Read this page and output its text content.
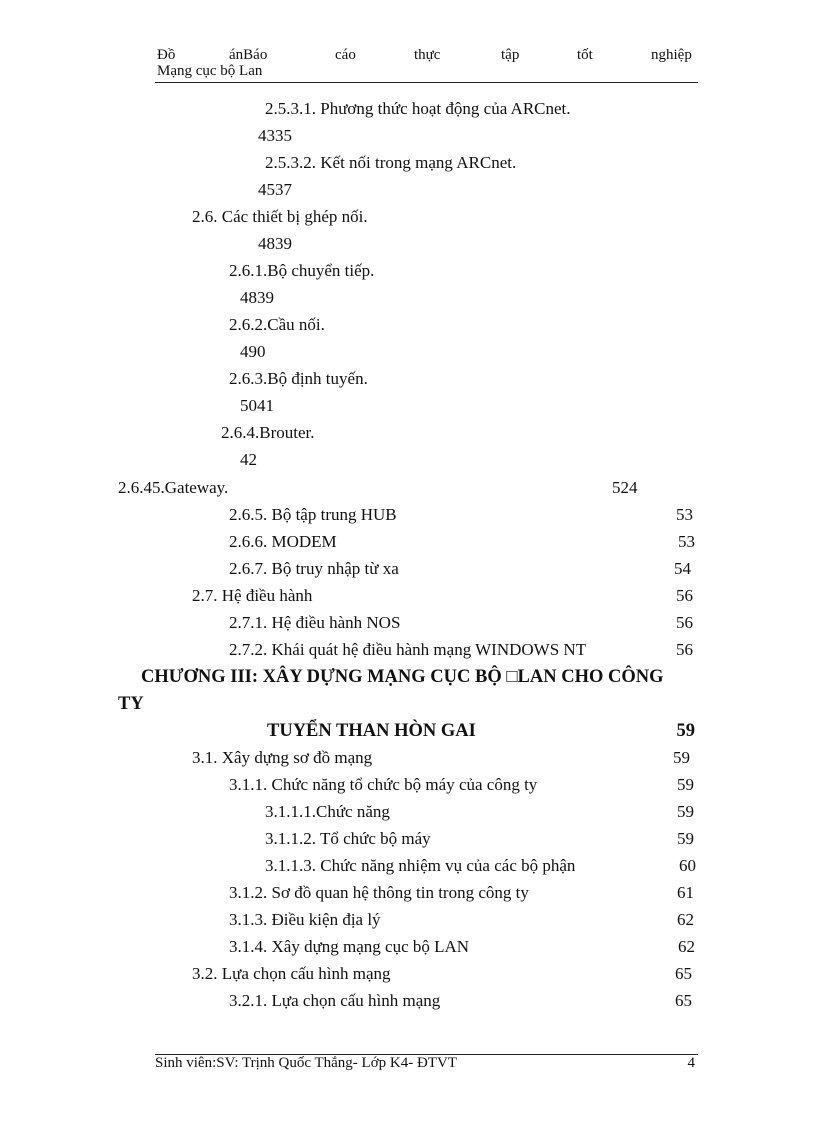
Đồ	ánBáo	cáo	thực	tập	tốt	nghiệp
Mạng cục bộ Lan
2.5.3.1. Phương thức hoạt động của ARCnet.
4335
2.5.3.2. Kết nối trong mạng ARCnet.
4537
2.6. Các thiết bị ghép nối.
4839
2.6.1.Bộ chuyển tiếp.
4839
2.6.2.Cầu nối.
490
2.6.3.Bộ định tuyến.
5041
2.6.4.Brouter.
42
2.6.45.Gateway.	524
2.6.5. Bộ tập trung HUB	53
2.6.6. MODEM	53
2.6.7. Bộ truy nhập từ xa	54
2.7. Hệ điều hành	56
2.7.1. Hệ điều hành NOS	56
2.7.2. Khái quát hệ điều hành mạng WINDOWS NT	56
CHƯƠNG III: XÂY DỰNG MẠNG CỤC BỘ □LAN CHO CÔNG
TY
TUYỂN THAN HÒN GAI	59
3.1. Xây dựng sơ đồ mạng	59
3.1.1. Chức năng tổ chức bộ máy của công ty	59
3.1.1.1.Chức năng	59
3.1.1.2. Tổ chức bộ máy	59
3.1.1.3. Chức năng nhiệm vụ của các bộ phận	60
3.1.2. Sơ đồ quan hệ thông tin trong công ty	61
3.1.3. Điều kiện địa lý	62
3.1.4. Xây dựng mạng cục bộ LAN	62
3.2. Lựa chọn cấu hình mạng	65
3.2.1. Lựa chọn cấu hình mạng	65
Sinh viên:SV: Trịnh Quốc Thắng- Lớp K4- ĐTVT	4
